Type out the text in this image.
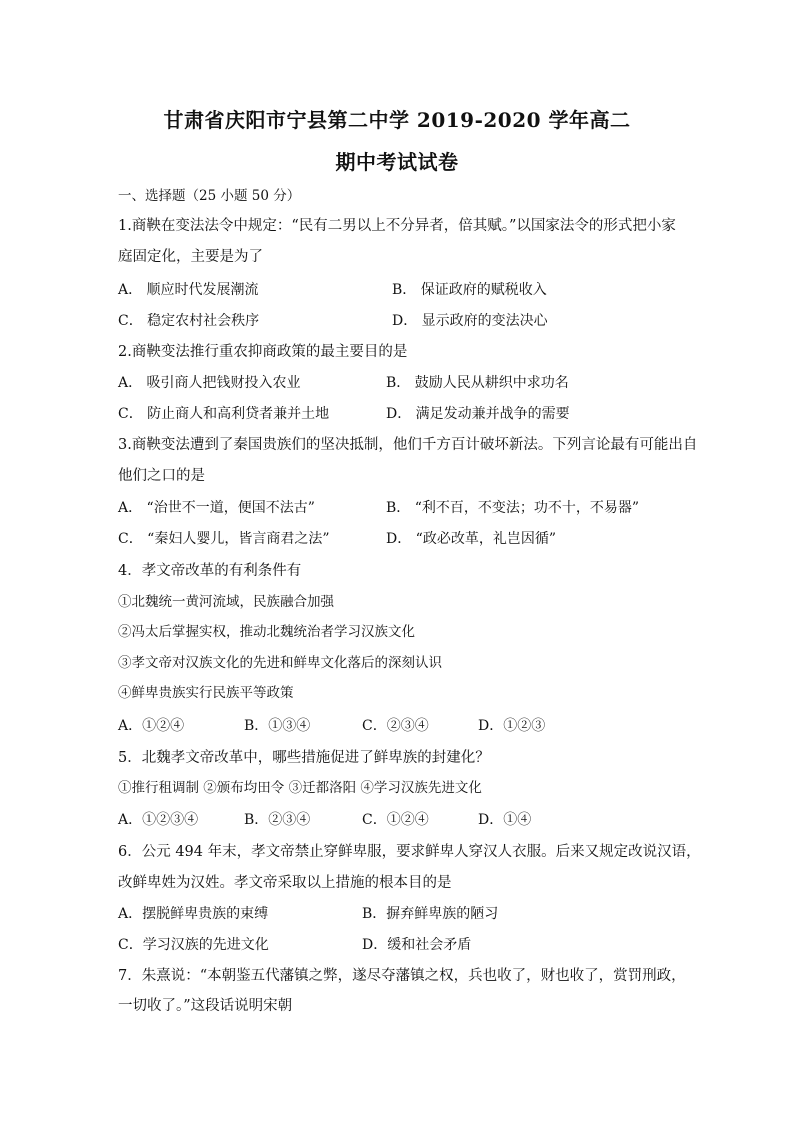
甘肃省庆阳市宁县第二中学 2019-2020 学年高二
期中考试试卷
一、选择题（25 小题 50 分）
1.商鞅在变法法令中规定：“民有二男以上不分异者，倍其赋。”以国家法令的形式把小家
庭固定化，主要是为了
A． 顺应时代发展潮流	B． 保证政府的赋税收入
C． 稳定农村社会秩序	D． 显示政府的变法决心
2.商鞅变法推行重农抑商政策的最主要目的是
A． 吸引商人把钱财投入农业	B． 鼓励人民从耕织中求功名
C． 防止商人和高利贷者兼并土地	D． 满足发动兼并战争的需要
3.商鞅变法遭到了秦国贵族们的坚决抵制，他们千方百计破坏新法。下列言论最有可能出自
他们之口的是
A． “治世不一道，便国不法古”	B． “利不百，不变法；功不十，不易器”
C． “秦妇人婴儿，皆言商君之法”	D． “政必改革，礼岂因循”
4．孝文帝改革的有利条件有
①北魏统一黄河流域，民族融合加强
②冯太后掌握实权，推动北魏统治者学习汉族文化
③孝文帝对汉族文化的先进和鲜卑文化落后的深刻认识
④鲜卑贵族实行民族平等政策
A．①②④	B．①③④	C．②③④	D．①②③
5．北魏孝文帝改革中，哪些措施促进了鲜卑族的封建化？
①推行租调制 ②颁布均田令 ③迁都洛阳 ④学习汉族先进文化
A．①②③④	B．②③④	C．①②④	D．①④
6．公元 494 年末，孝文帝禁止穿鲜卑服，要求鲜卑人穿汉人衣服。后来又规定改说汉语，
改鲜卑姓为汉姓。孝文帝采取以上措施的根本目的是
A．摆脱鲜卑贵族的束缚	B．摒弃鲜卑族的陋习
C．学习汉族的先进文化	D．缓和社会矛盾
7．朱熹说：“本朝鉴五代藩镇之弊，遂尽夺藩镇之权，兵也收了，财也收了，赏罚刑政，
一切收了。”这段话说明宋朝
